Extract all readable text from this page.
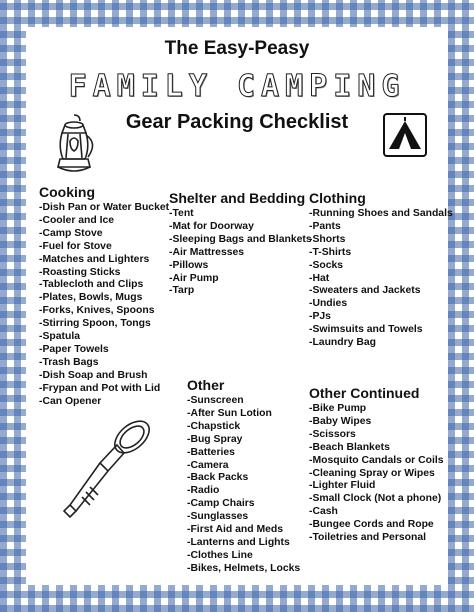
The Easy-Peasy
FAMILY CAMPING
Gear Packing Checklist
Cooking
-Dish Pan or Water Bucket
-Cooler and Ice
-Camp Stove
-Fuel for Stove
-Matches and Lighters
-Roasting Sticks
-Tablecloth and Clips
-Plates, Bowls, Mugs
-Forks, Knives, Spoons
-Stirring Spoon, Tongs
-Spatula
-Paper Towels
-Trash Bags
-Dish Soap and Brush
-Frypan and Pot with Lid
-Can Opener
Shelter and Bedding
-Tent
-Mat for Doorway
-Sleeping Bags and Blankets
-Air Mattresses
-Pillows
-Air Pump
-Tarp
Clothing
-Running Shoes and Sandals
-Pants
-Shorts
-T-Shirts
-Socks
-Hat
-Sweaters and Jackets
-Undies
-PJs
-Swimsuits and Towels
-Laundry Bag
Other
-Sunscreen
-After Sun Lotion
-Chapstick
-Bug Spray
-Batteries
-Camera
-Back Packs
-Radio
-Camp Chairs
-Sunglasses
-First Aid and Meds
-Lanterns and Lights
-Clothes Line
-Bikes, Helmets, Locks
Other Continued
-Bike Pump
-Baby Wipes
-Scissors
-Beach Blankets
-Mosquito Candals or Coils
-Cleaning Spray or Wipes
-Lighter Fluid
-Small Clock (Not a phone)
-Cash
-Bungee Cords and Rope
-Toiletries and Personal
